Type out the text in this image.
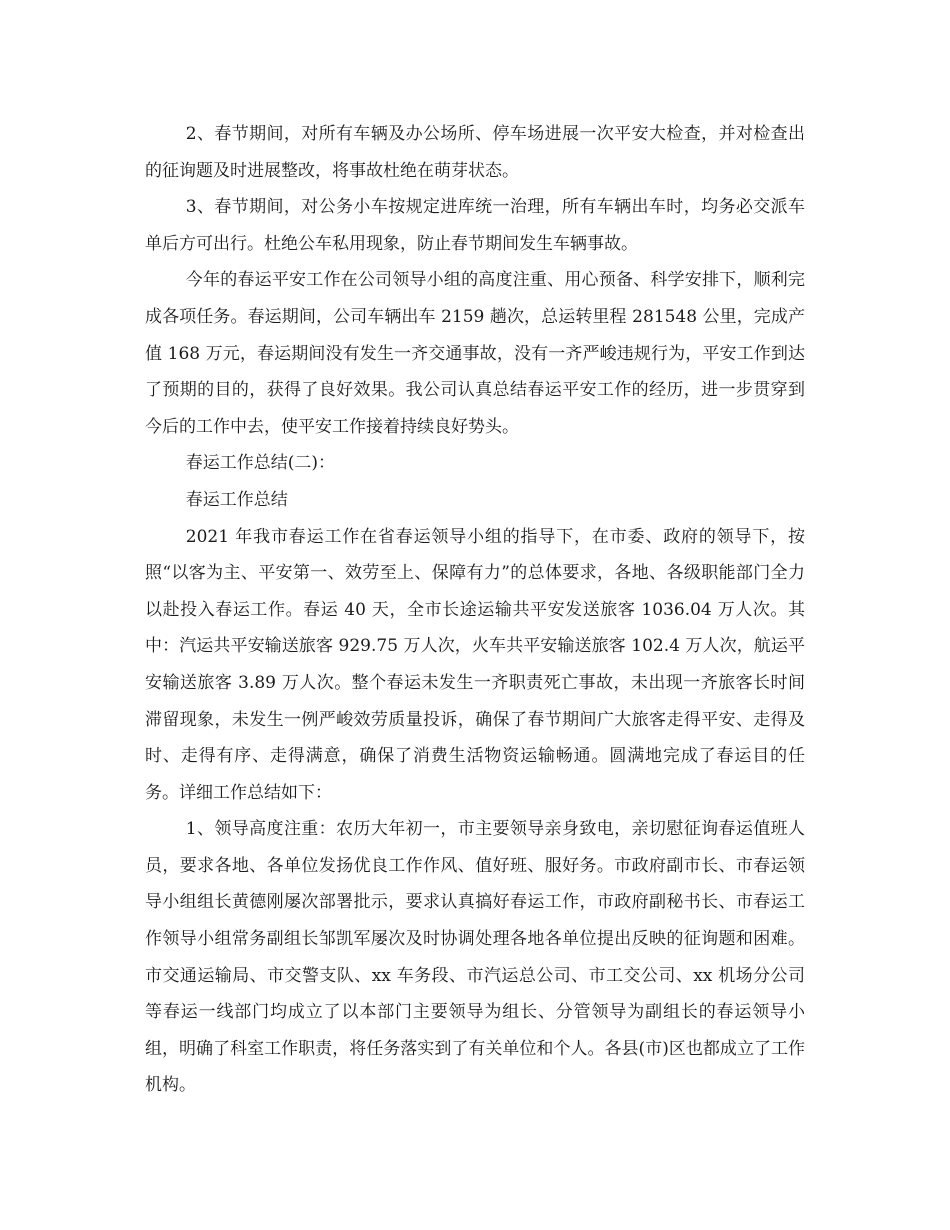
2、春节期间，对所有车辆及办公场所、停车场进展一次平安大检查，并对检查出的征询题及时进展整改，将事故杜绝在萌芽状态。

3、春节期间，对公务小车按规定进库统一治理，所有车辆出车时，均务必交派车单后方可出行。杜绝公车私用现象，防止春节期间发生车辆事故。

今年的春运平安工作在公司领导小组的高度注重、用心预备、科学安排下，顺利完成各项任务。春运期间，公司车辆出车 2159 趟次，总运转里程 281548 公里，完成产值 168 万元，春运期间没有发生一齐交通事故，没有一齐严峻违规行为，平安工作到达了预期的目的，获得了良好效果。我公司认真总结春运平安工作的经历，进一步贯穿到今后的工作中去，使平安工作接着持续良好势头。

春运工作总结(二)：

春运工作总结

2021 年我市春运工作在省春运领导小组的指导下，在市委、政府的领导下，按照“以客为主、平安第一、效劳至上、保障有力”的总体要求，各地、各级职能部门全力以赴投入春运工作。春运 40 天，全市长途运输共平安发送旅客 1036.04 万人次。其中：汽运共平安输送旅客 929.75 万人次，火车共平安输送旅客 102.4 万人次，航运平安输送旅客 3.89 万人次。整个春运未发生一齐职责死亡事故，未出现一齐旅客长时间滞留现象，未发生一例严峻效劳质量投诉，确保了春节期间广大旅客走得平安、走得及时、走得有序、走得满意，确保了消费生活物资运输畅通。圆满地完成了春运目的任务。详细工作总结如下：

1、领导高度注重：农历大年初一，市主要领导亲身致电，亲切慰征询春运值班人员，要求各地、各单位发扬优良工作作风、值好班、服好务。市政府副市长、市春运领导小组组长黄德刚屡次部署批示，要求认真搞好春运工作，市政府副秘书长、市春运工作领导小组常务副组长邹凯军屡次及时协调处理各地各单位提出反映的征询题和困难。市交通运输局、市交警支队、xx 车务段、市汽运总公司、市工交公司、xx 机场分公司等春运一线部门均成立了以本部门主要领导为组长、分管领导为副组长的春运领导小组，明确了科室工作职责，将任务落实到了有关单位和个人。各县(市)区也都成立了工作机构。
